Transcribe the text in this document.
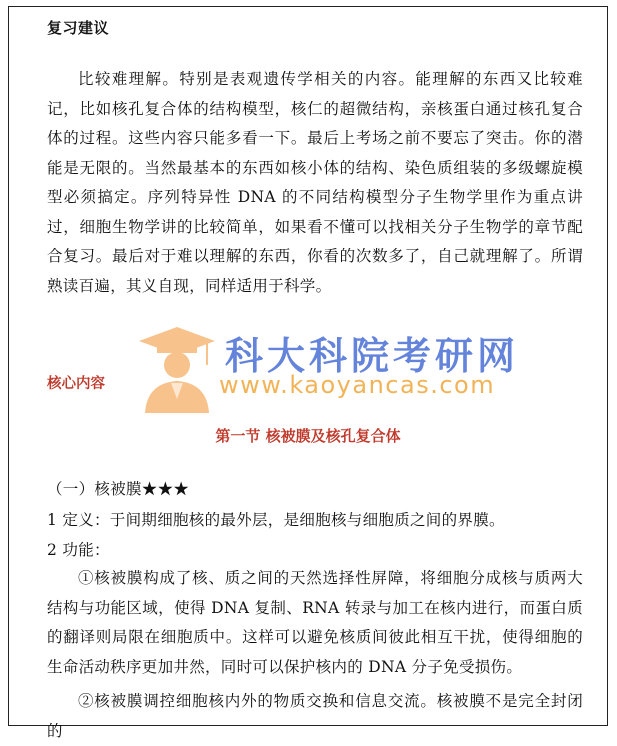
复习建议
比较难理解。特别是表观遗传学相关的内容。能理解的东西又比较难记，比如核孔复合体的结构模型，核仁的超微结构，亲核蛋白通过核孔复合体的过程。这些内容只能多看一下。最后上考场之前不要忘了突击。你的潜能是无限的。当然最基本的东西如核小体的结构、染色质组装的多级螺旋模型必须搞定。序列特异性 DNA 的不同结构模型分子生物学里作为重点讲过，细胞生物学讲的比较简单，如果看不懂可以找相关分子生物学的章节配合复习。最后对于难以理解的东西，你看的次数多了，自己就理解了。所谓熟读百遍，其义自现，同样适用于科学。
科大科院考研网
www.kaoyancas.com
核心内容
第一节 核被膜及核孔复合体
（一）核被膜★★★
1 定义：于间期细胞核的最外层，是细胞核与细胞质之间的界膜。
2 功能：
①核被膜构成了核、质之间的天然选择性屏障，将细胞分成核与质两大结构与功能区域，使得 DNA 复制、RNA 转录与加工在核内进行，而蛋白质的翻译则局限在细胞质中。这样可以避免核质间彼此相互干扰，使得细胞的生命活动秩序更加井然，同时可以保护核内的 DNA 分子免受损伤。
②核被膜调控细胞核内外的物质交换和信息交流。核被膜不是完全封闭的
